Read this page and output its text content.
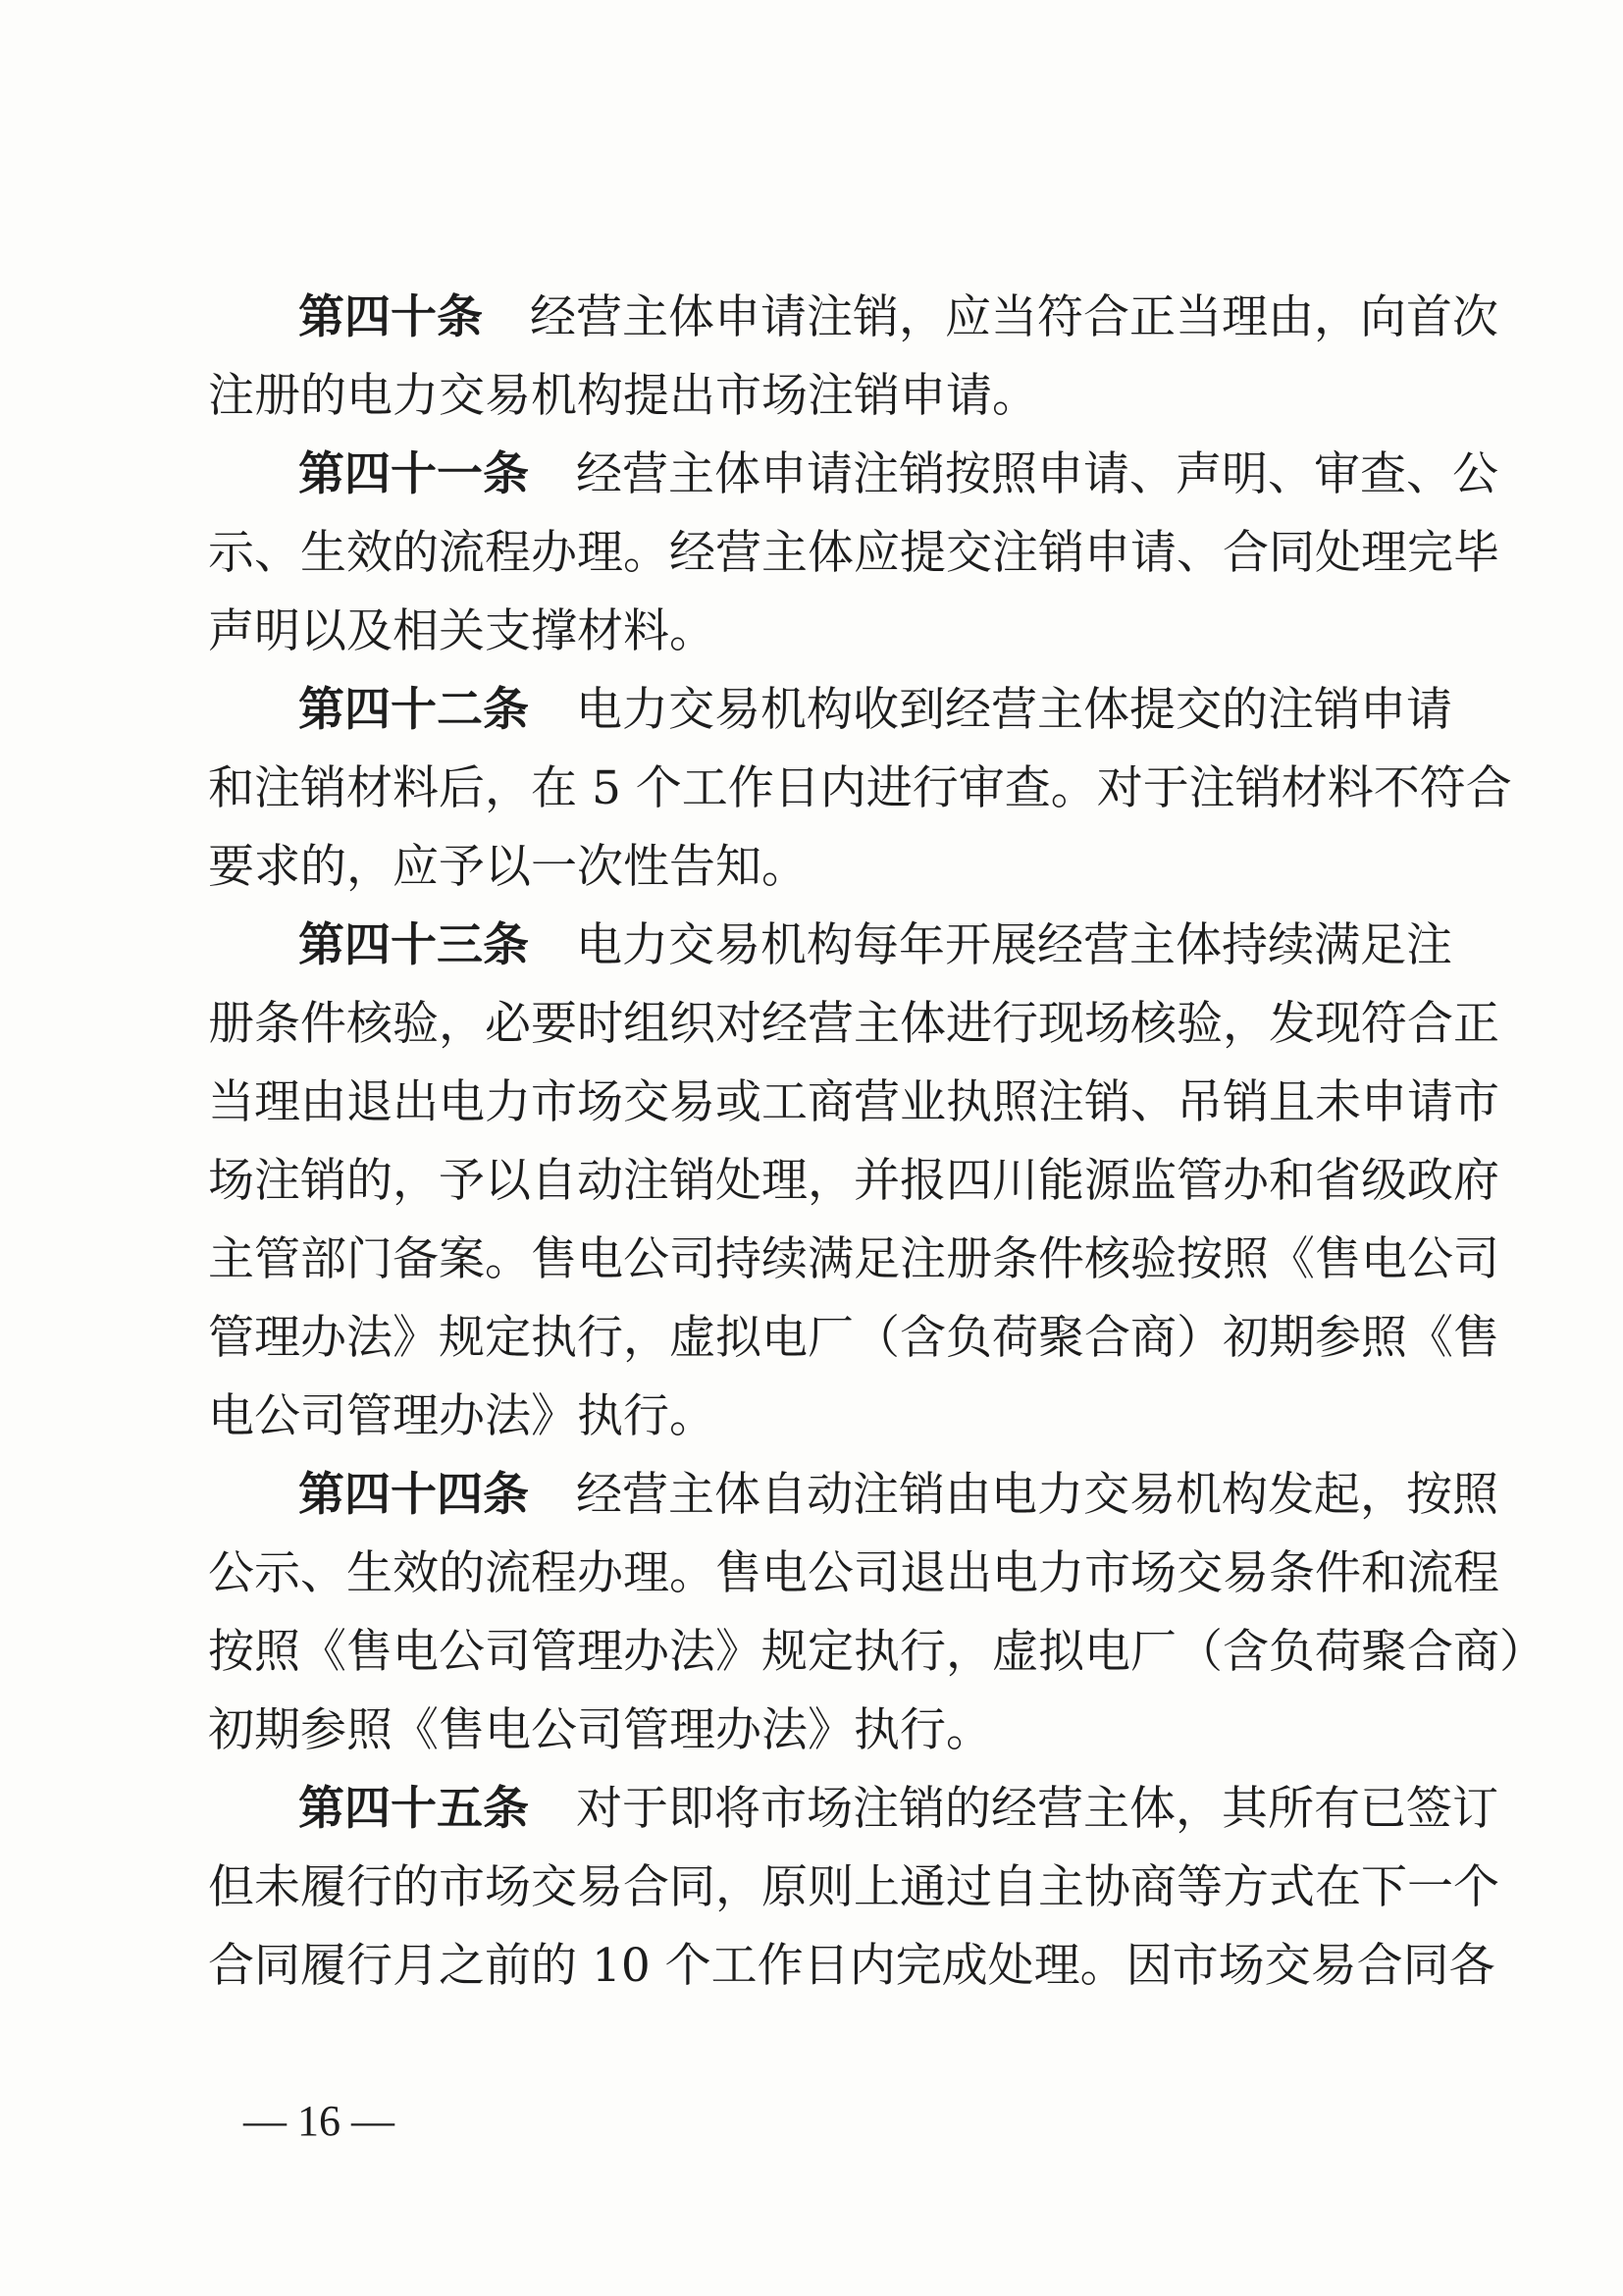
第四十条 经营主体申请注销，应当符合正当理由，向首次
注册的电力交易机构提出市场注销申请。
第四十一条 经营主体申请注销按照申请、声明、审查、公
示、生效的流程办理。经营主体应提交注销申请、合同处理完毕
声明以及相关支撑材料。
第四十二条 电力交易机构收到经营主体提交的注销申请
和注销材料后，在 5 个工作日内进行审查。对于注销材料不符合
要求的，应予以一次性告知。
第四十三条 电力交易机构每年开展经营主体持续满足注
册条件核验，必要时组织对经营主体进行现场核验，发现符合正
当理由退出电力市场交易或工商营业执照注销、吊销且未申请市
场注销的，予以自动注销处理，并报四川能源监管办和省级政府
主管部门备案。售电公司持续满足注册条件核验按照《售电公司
管理办法》规定执行，虚拟电厂（含负荷聚合商）初期参照《售
电公司管理办法》执行。
第四十四条 经营主体自动注销由电力交易机构发起，按照
公示、生效的流程办理。售电公司退出电力市场交易条件和流程
按照《售电公司管理办法》规定执行，虚拟电厂（含负荷聚合商）
初期参照《售电公司管理办法》执行。
第四十五条 对于即将市场注销的经营主体，其所有已签订
但未履行的市场交易合同，原则上通过自主协商等方式在下一个
合同履行月之前的 10 个工作日内完成处理。因市场交易合同各
— 16 —
